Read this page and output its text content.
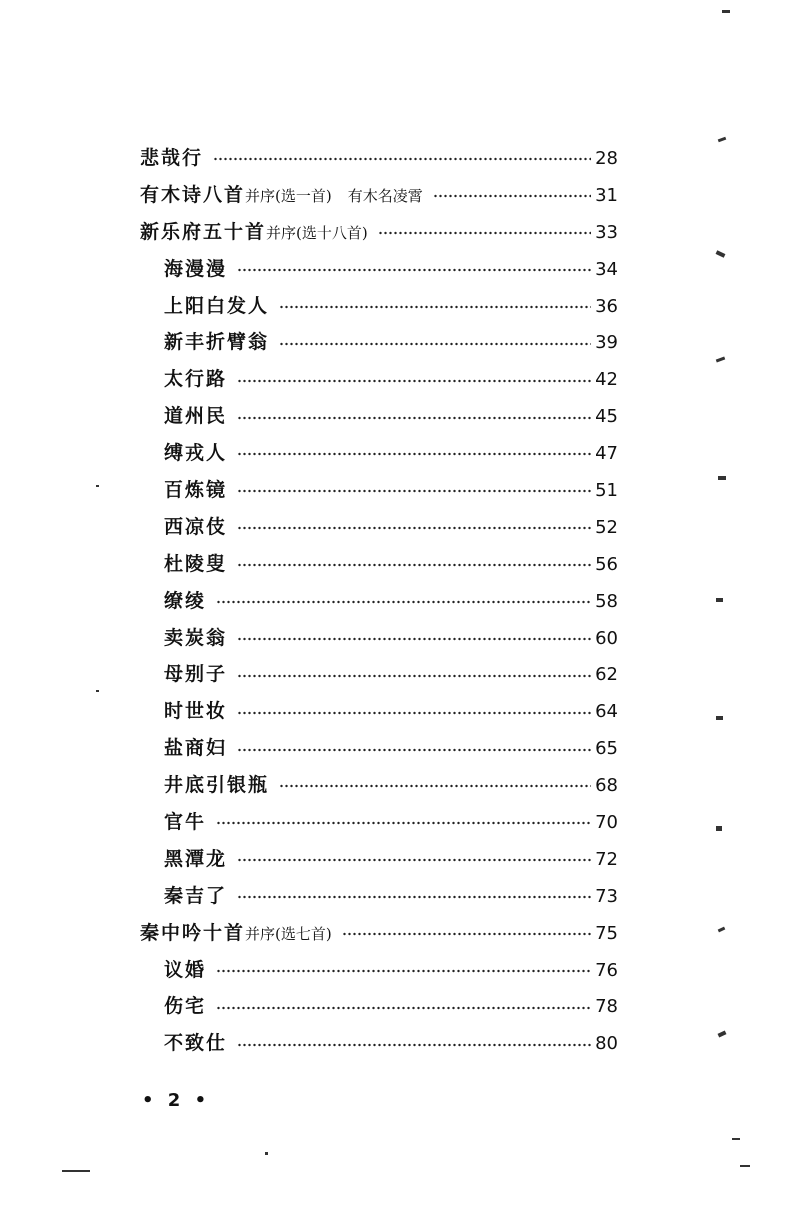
悲哉行	28
有木诗八首 并序(选一首) 有木名凌霄	31
新乐府五十首 并序(选十八首)	33
海漫漫	34
上阳白发人	36
新丰折臂翁	39
太行路	42
道州民	45
缚戎人	47
百炼镜	51
西凉伎	52
杜陵叟	56
缭绫	58
卖炭翁	60
母别子	62
时世妆	64
盐商妇	65
井底引银瓶	68
官牛	70
黑潭龙	72
秦吉了	73
秦中吟十首 并序(选七首)	75
议婚	76
伤宅	78
不致仕	80
• 2 •
